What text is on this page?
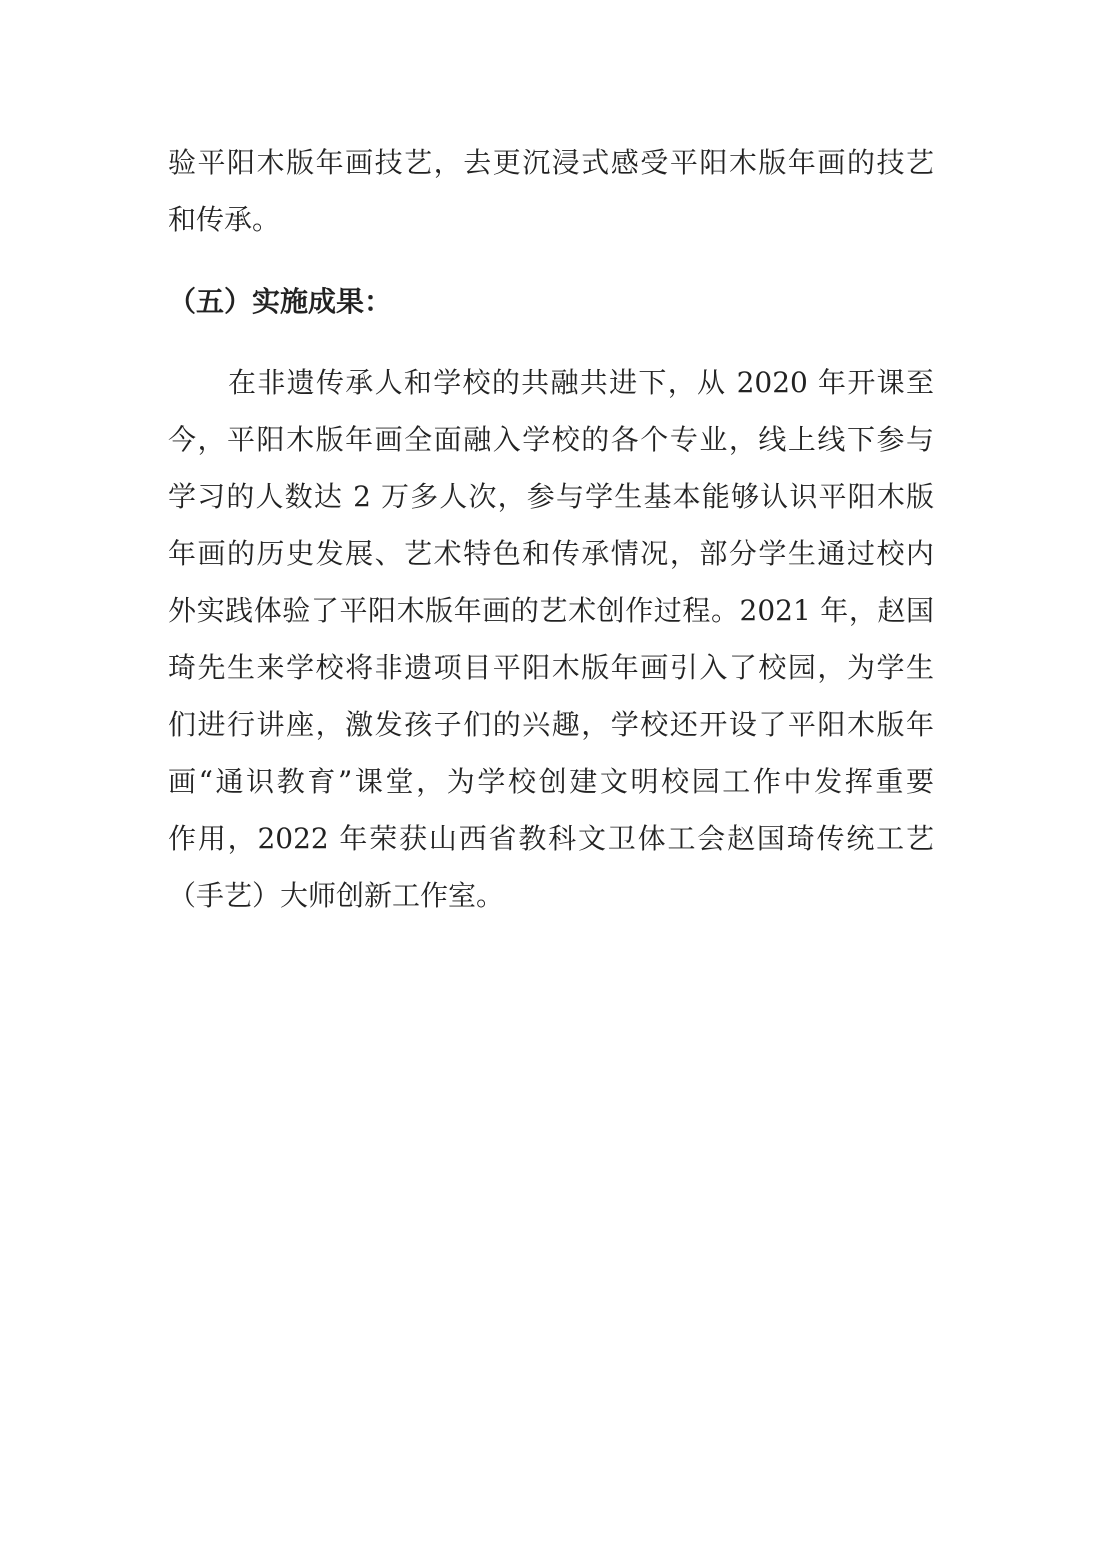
验平阳木版年画技艺，去更沉浸式感受平阳木版年画的技艺
和传承。
（五）实施成果：
在非遗传承人和学校的共融共进下，从 2020 年开课至
今，平阳木版年画全面融入学校的各个专业，线上线下参与
学习的人数达 2 万多人次，参与学生基本能够认识平阳木版
年画的历史发展、艺术特色和传承情况，部分学生通过校内
外实践体验了平阳木版年画的艺术创作过程。2021 年，赵国
琦先生来学校将非遗项目平阳木版年画引入了校园，为学生
们进行讲座，激发孩子们的兴趣，学校还开设了平阳木版年
画“通识教育”课堂，为学校创建文明校园工作中发挥重要
作用，2022 年荣获山西省教科文卫体工会赵国琦传统工艺
（手艺）大师创新工作室。
